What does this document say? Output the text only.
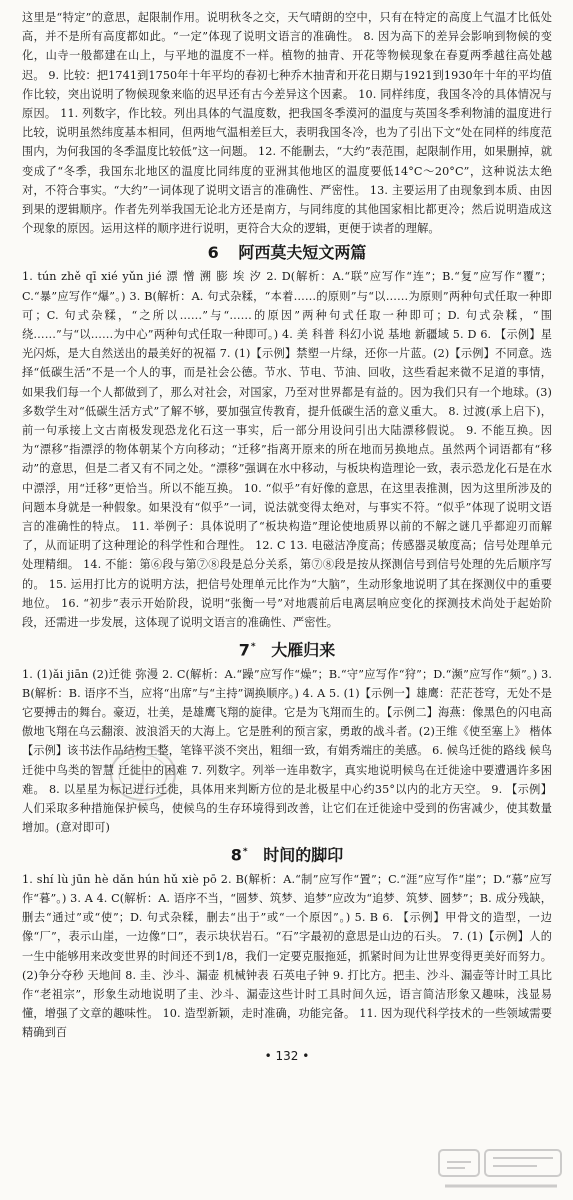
这里是“特定”的意思，起限制作用。说明秋冬之交，天气晴朗的空中，只有在特定的高度上气温才比低处高，并不是所有高度都如此。“一定”体现了说明文语言的准确性。 8. 因为高下的差异会影响到物候的变化，山寺一般都建在山上，与平地的温度不一样。植物的抽青、开花等物候现象在春夏两季越往高处越迟。 9. 比较：把1741到1750年十年平均的春初七种乔木抽青和开花日期与1921到1930年十年的平均值作比较，突出说明了物候现象来临的迟早还有古今差异这个因素。 10. 同样纬度，我国冬冷的具体情况与原因。 11. 列数字，作比较。列出具体的气温度数，把我国冬季漠河的温度与英国冬季利物浦的温度进行比较，说明虽然纬度基本相同，但两地气温相差巨大，表明我国冬冷，也为了引出下文“处在同样的纬度范围内，为何我国的冬季温度比较低”这一问题。 12. 不能删去，“大约”表范围，起限制作用，如果删掉，就变成了“冬季，我国东北地区的温度比同纬度的亚洲其他地区的温度要低14°C～20°C”，这种说法太绝对，不符合事实。“大约”一词体现了说明文语言的准确性、严密性。 13. 主要运用了由现象到本质、由因到果的逻辑顺序。作者先列举我国无论北方还是南方，与同纬度的其他国家相比都更冷；然后说明造成这个现象的原因。运用这样的顺序进行说明，更符合大众的逻辑，更便于读者的理解。

6 阿西莫夫短文两篇

1. tún zhě qī xié yǔn jié 漂 憎 溯 膨 埃 汐 2. D(解析：A.“联”应写作“连”；B.“复”应写作“覆”；C.“暴”应写作“爆”。) 3. B(解析：A. 句式杂糅，“本着……的原则”与“以……为原则”两种句式任取一种即可；C. 句式杂糅，“之所以……”与“……的原因”两种句式任取一种即可；D. 句式杂糅，“围绕……”与“以……为中心”两种句式任取一种即可。) 4. 美 科普 科幻小说 基地 新疆域 5. D 6. 【示例】星光闪烁，是大自然送出的最美好的祝福 7. (1)【示例】禁塑一片绿，还你一片蓝。(2)【示例】不同意。选择“低碳生活”不是一个人的事，而是社会公德。节水、节电、节油、回收，这些看起来微不足道的事情，如果我们每一个人都做到了，那么对社会，对国家，乃至对世界都是有益的。因为我们只有一个地球。(3)多数学生对“低碳生活方式”了解不够，要加强宣传教育，提升低碳生活的意义重大。 8. 过渡(承上启下)，前一句承接上文古南极发现恐龙化石这一事实，后一部分用设问引出大陆漂移假说。 9. 不能互换。因为“漂移”指漂浮的物体朝某个方向移动；“迁移”指离开原来的所在地而另换地点。虽然两个词语都有“移动”的意思，但是二者又有不同之处。“漂移”强调在水中移动，与板块构造理论一致，表示恐龙化石是在水中漂浮，用“迁移”更恰当。所以不能互换。 10. “似乎”有好像的意思，在这里表推测，因为这里所涉及的问题本身就是一种假象。如果没有“似乎”一词，说法就变得太绝对，与事实不符。“似乎”体现了说明文语言的准确性的特点。 11. 举例子：具体说明了“板块构造”理论使地质界以前的不解之谜几乎都迎刃而解了，从而证明了这种理论的科学性和合理性。 12. C 13. 电磁洁净度高；传感器灵敏度高；信号处理单元处理精细。 14. 不能：第⑥段与第⑦⑧段是总分关系，第⑦⑧段是按从探测信号到信号处理的先后顺序写的。 15. 运用打比方的说明方法，把信号处理单元比作为“大脑”，生动形象地说明了其在探测仪中的重要地位。 16. “初步”表示开始阶段，说明“张衡一号”对地震前后电离层响应变化的探测技术尚处于起始阶段，还需进一步发展，这体现了说明文语言的准确性、严密性。

7* 大雁归来

1. (1)ǎi jiān (2)迁徙 弥漫 2. C(解析：A.“躁”应写作“燥”；B.“守”应写作“狩”；D.“濒”应写作“频”。) 3. B(解析：B. 语序不当，应将“出席”与“主持”调换顺序。) 4. A 5. (1)【示例一】雄鹰：茫茫苍穹，无处不是它要搏击的舞台。豪迈，壮美，是雄鹰飞翔的旋律。它是为飞翔而生的。【示例二】海燕：像黑色的闪电高傲地飞翔在乌云翻滚、波浪滔天的大海上。它是胜利的预言家，勇敢的战斗者。(2)王维《使至塞上》 楷体 【示例】该书法作品结构工整，笔锋平淡不突出，粗细一致，有娟秀端庄的美感。 6. 候鸟迁徙的路线 候鸟迁徙中鸟类的智慧 迁徙中的困难 7. 列数字。列举一连串数字，真实地说明候鸟在迁徙途中要遭遇许多困难。 8. 以星星为标记进行迁徙，具体用来判断方位的是北极星中心约35°以内的北方天空。 9. 【示例】人们采取多种措施保护候鸟，使候鸟的生存环境得到改善，让它们在迁徙途中受到的伤害减少，使其数量增加。(意对即可)

8* 时间的脚印

1. shí lù jūn hè dǎn hún hǔ xiè pō 2. B(解析：A.“制”应写作“置”；C.“涯”应写作“崖”；D.“慕”应写作“暮”。) 3. A 4. C(解析：A. 语序不当，“圆梦、筑梦、追梦”应改为“追梦、筑梦、圆梦”；B. 成分残缺，删去“通过”或“使”；D. 句式杂糅，删去“出于”或“一个原因”。) 5. B 6. 【示例】甲骨文的造型，一边像“厂”，表示山崖，一边像“口”，表示块状岩石。“石”字最初的意思是山边的石头。 7. (1)【示例】人的一生中能够用来改变世界的时间还不到1/8，我们一定要克服拖延，抓紧时间为让世界变得更美好而努力。(2)争分夺秒 天地间 8. 圭、沙斗、漏壶 机械钟表 石英电子钟 9. 打比方。把圭、沙斗、漏壶等计时工具比作“老祖宗”，形象生动地说明了圭、沙斗、漏壶这些计时工具时间久远，语言简洁形象又趣味，浅显易懂，增强了文章的趣味性。 10. 造型新颖，走时准确，功能完备。 11. 因为现代科学技术的一些领域需要精确到百

• 132 •
